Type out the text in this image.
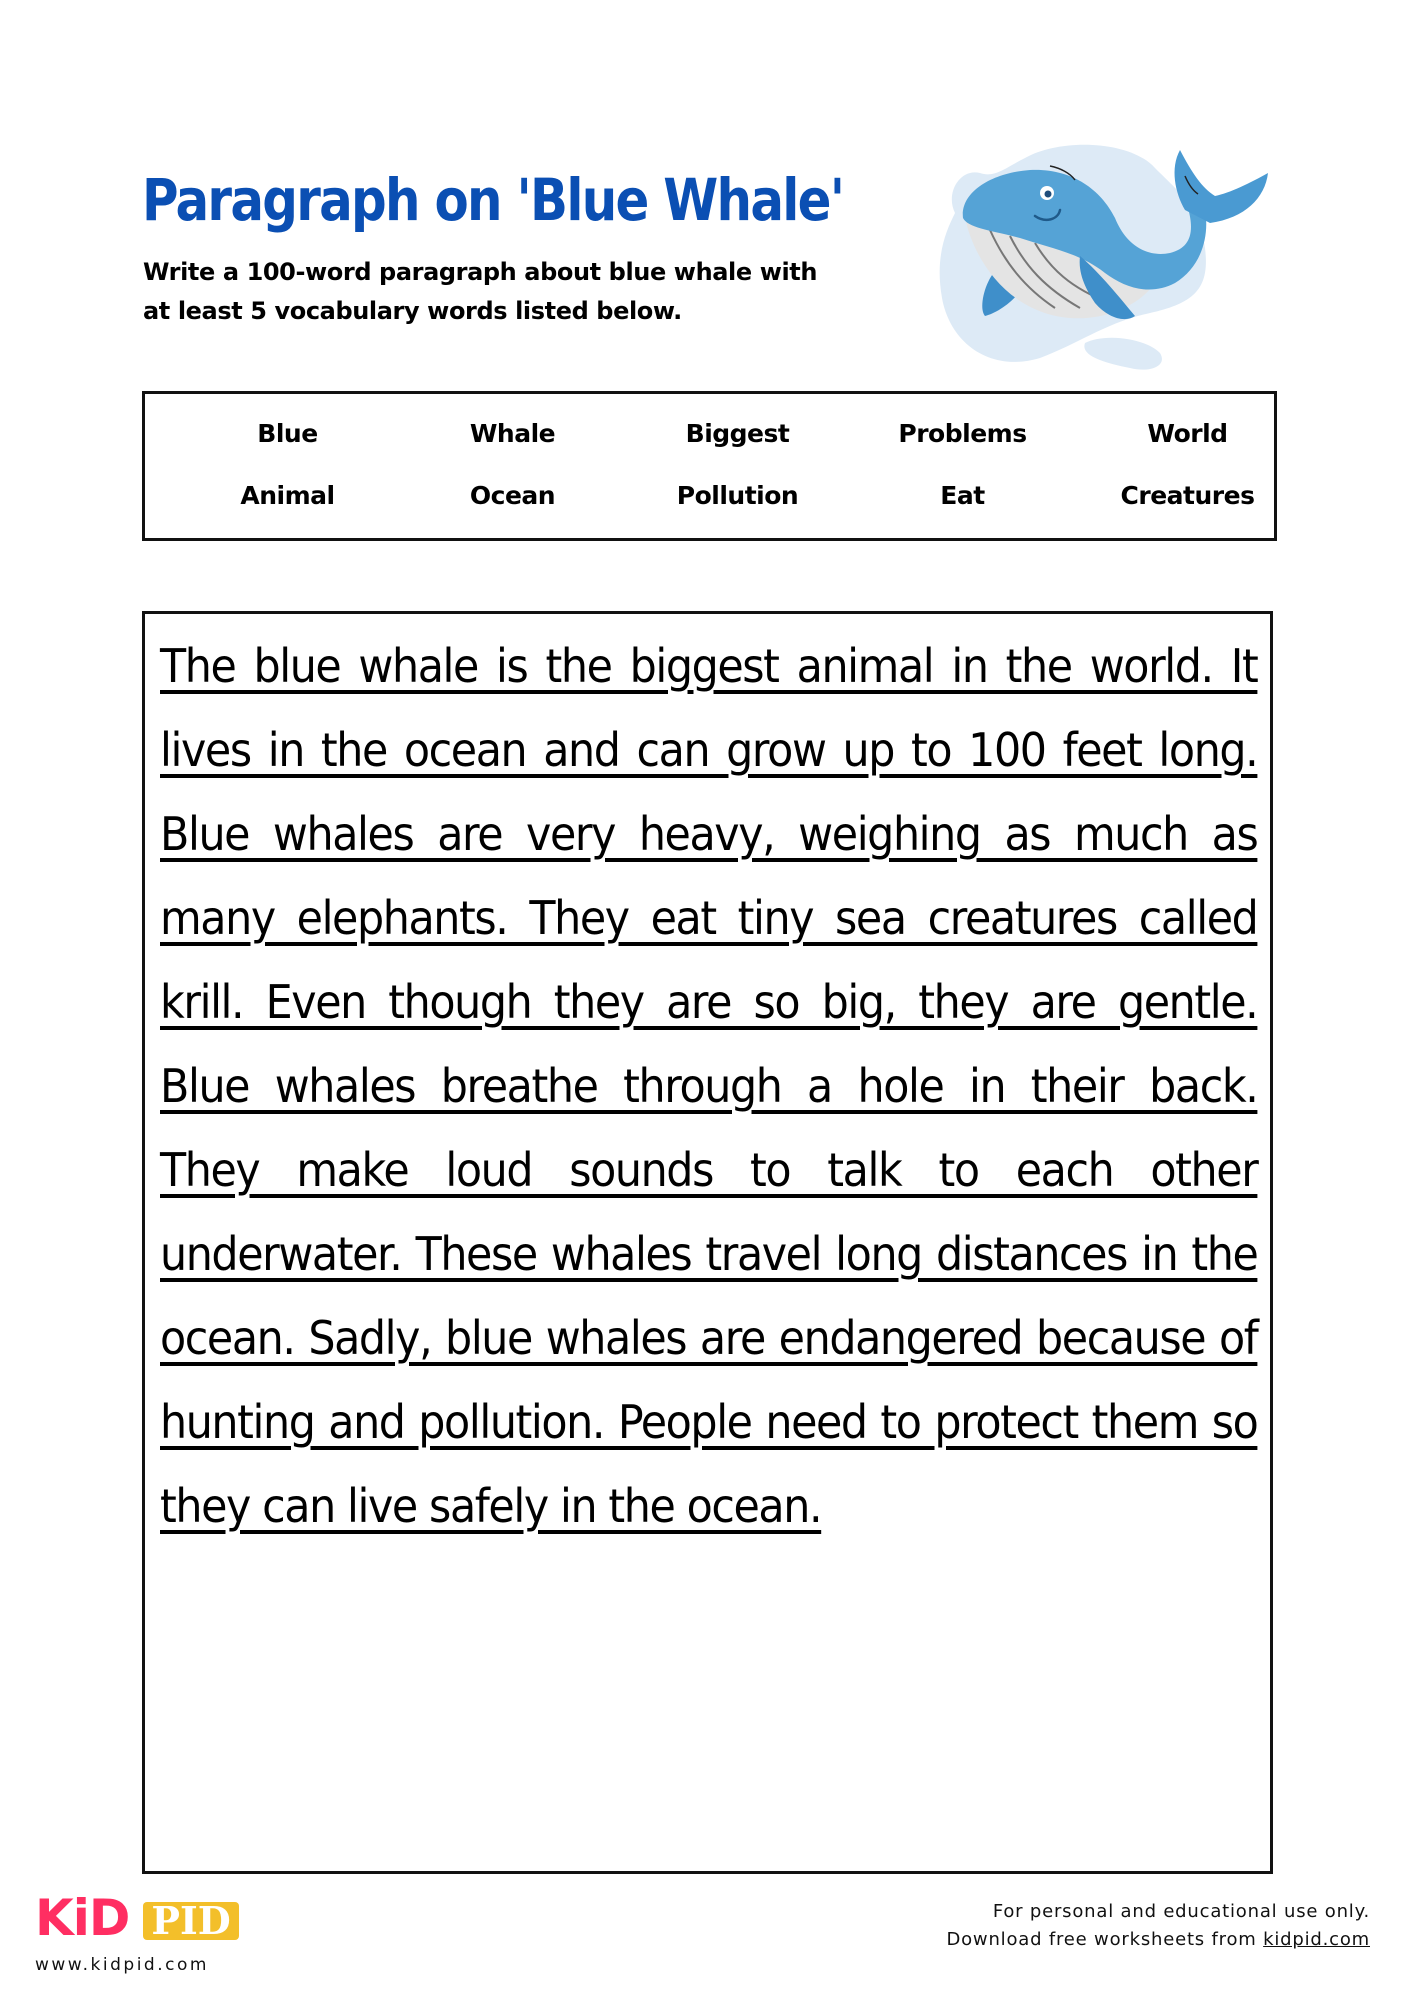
Paragraph on 'Blue Whale'
Write a 100-word paragraph about blue whale with
at least 5 vocabulary words listed below.
Blue	Whale	Biggest	Problems	World
Animal	Ocean	Pollution	Eat	Creatures

The blue whale is the biggest animal in the world. It lives in the ocean and can grow up to 100 feet long. Blue whales are very heavy, weighing as much as many elephants. They eat tiny sea creatures called krill. Even though they are so big, they are gentle. Blue whales breathe through a hole in their back. They make loud sounds to talk to each other underwater. These whales travel long distances in the ocean. Sadly, blue whales are endangered because of hunting and pollution. People need to protect them so they can live safely in the ocean.

KiD PID
www.kidpid.com
For personal and educational use only.
Download free worksheets from kidpid.com
